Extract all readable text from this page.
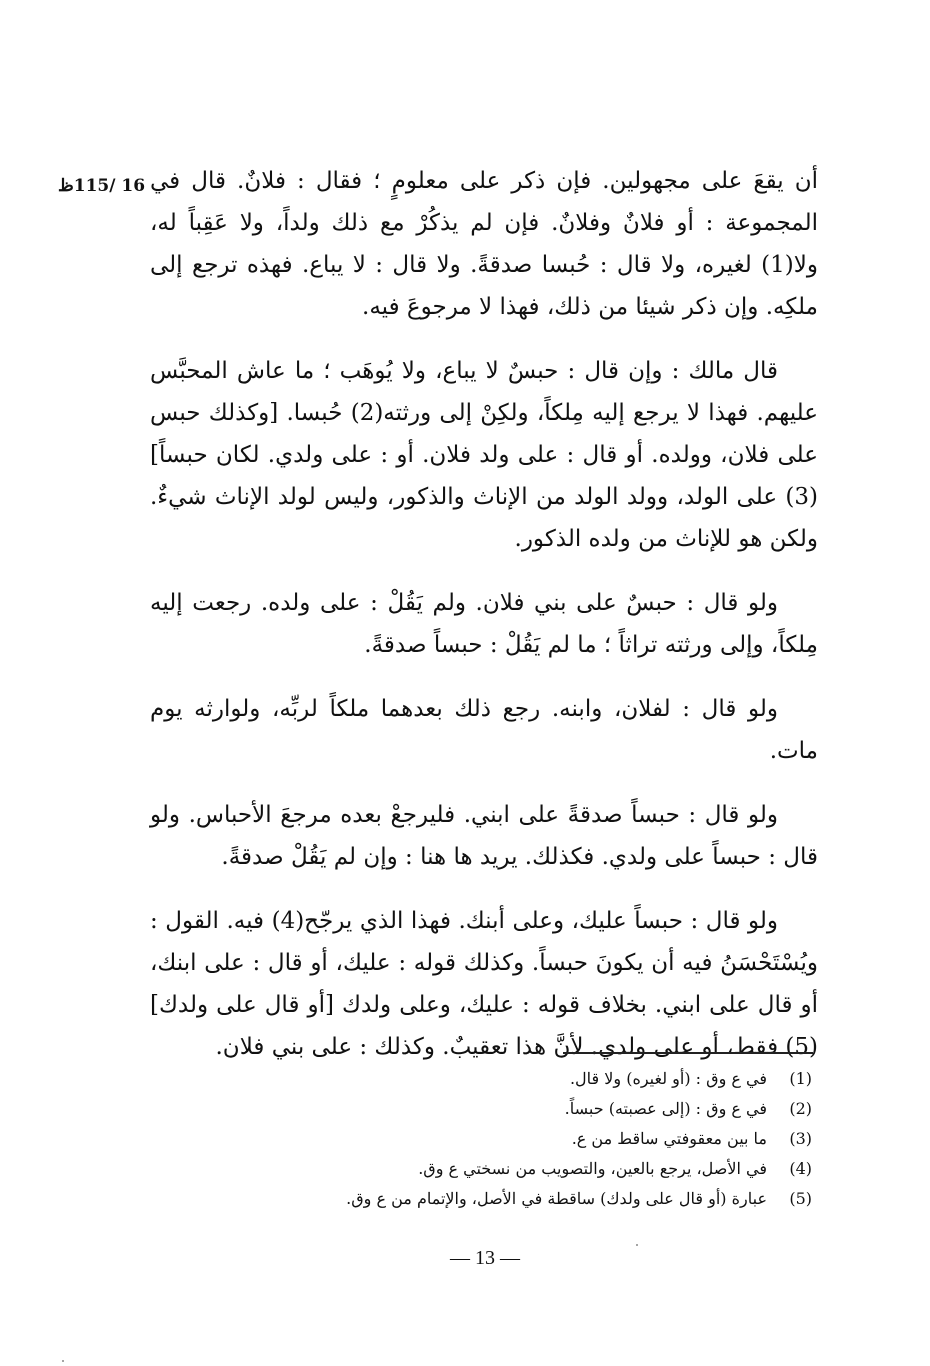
16 /115ظ أن يقعَ على مجهولين. فإن ذكر على معلومٍ ؛ فقال : فلانٌ. قال في المجموعة : أو فلانٌ وفلانٌ. فإن لم يذكُرْ مع ذلك ولداً، ولا عَقِباً له، ولا(1) لغيره، ولا قال : حُبسا صدقةً. ولا قال : لا يباع. فهذه ترجع إلى ملكِه. وإن ذكر شيئا من ذلك، فهذا لا مرجوعَ فيه.

قال مالك : وإن قال : حبسٌ لا يباع، ولا يُوهَب ؛ ما عاش المحبَّس عليهم. فهذا لا يرجع إليه مِلكاً، ولكِنْ إلى ورثته(2) حُبسا. [وكذلك حبس على فلان، وولده. أو قال : على ولد فلان. أو : على ولدي. لكان حبساً](3) على الولد، وولد الولد من الإناث والذكور، وليس لولد الإناث شيءٌ. ولكن هو للإناث من ولده الذكور.

ولو قال : حبسٌ على بني فلان. ولم يَقُلْ : على ولده. رجعت إليه مِلكاً، وإلى ورثته تراثاً ؛ ما لم يَقُلْ : حبساً صدقةً.

ولو قال : لفلان، وابنه. رجع ذلك بعدهما ملكاً لربِّه، ولوارثه يوم مات.

ولو قال : حبساً صدقةً على ابني. فليرجعْ بعده مرجعَ الأحباس. ولو قال : حبساً على ولدي. فكذلك. يريد ها هنا : وإن لم يَقُلْ صدقةً.

ولو قال : حبساً عليك، وعلى أبنك. فهذا الذي يرجّح(4) فيه. القول : ويُسْتَحْسَنُ فيه أن يكونَ حبساً. وكذلك قوله : عليك، أو قال : على ابنك، أو قال على ابني. بخلاف قوله : عليك، وعلى ولدك [أو قال على ولدك](5) فقط، أو على ولدي. لأنَّ هذا تعقيبٌ. وكذلك : على بني فلان.

(1)
في ع وق : (أو لغيره) ولا قال.
(2)
في ع وق : (إلى عصبته) حبساً.
(3)
ما بين معقوفتي ساقط من ع.
(4)
في الأصل، يرجع بالعين، والتصويب من نسختي ع وق.
(5)
عبارة (أو قال على ولدك) ساقطة في الأصل، والإتمام من ع وق.
— 13 —
